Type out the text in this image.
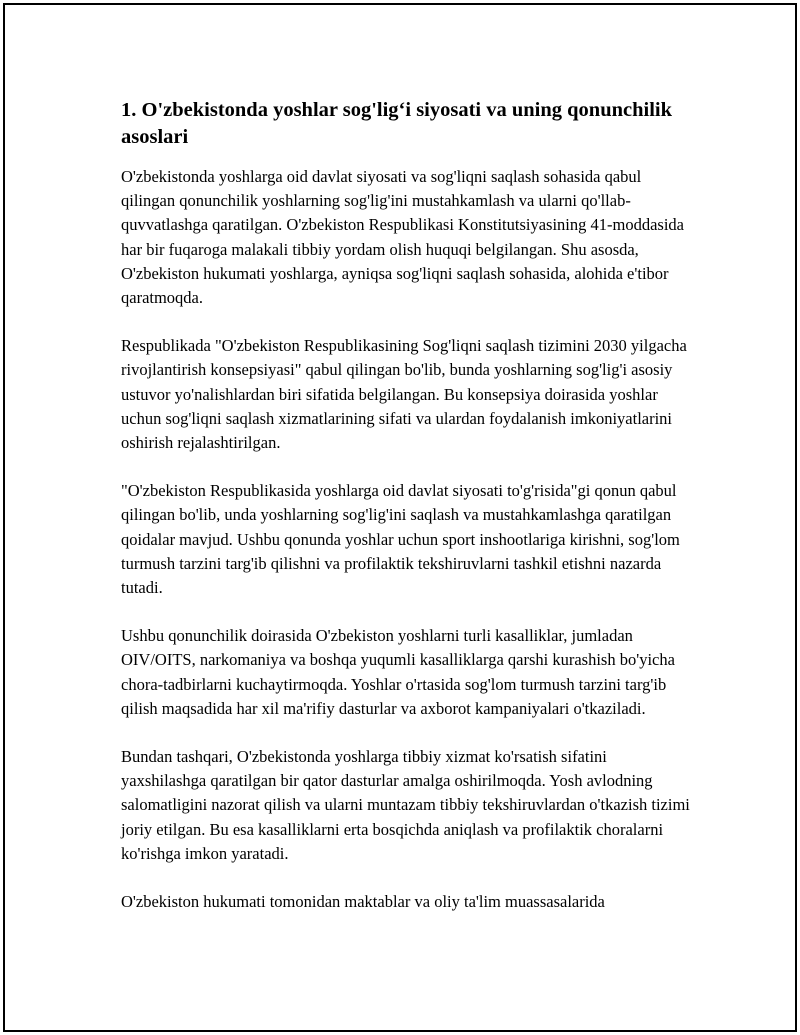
1. O'zbekistonda yoshlar sog'lig‘i siyosati va uning qonunchilik asoslari

O'zbekistonda yoshlarga oid davlat siyosati va sog'liqni saqlash sohasida qabul qilingan qonunchilik yoshlarning sog'lig'ini mustahkamlash va ularni qo'llab-quvvatlashga qaratilgan. O'zbekiston Respublikasi Konstitutsiyasining 41-moddasida har bir fuqaroga malakali tibbiy yordam olish huquqi belgilangan. Shu asosda, O'zbekiston hukumati yoshlarga, ayniqsa sog'liqni saqlash sohasida, alohida e'tibor qaratmoqda.

Respublikada "O'zbekiston Respublikasining Sog'liqni saqlash tizimini 2030 yilgacha rivojlantirish konsepsiyasi" qabul qilingan bo'lib, bunda yoshlarning sog'lig'i asosiy ustuvor yo'nalishlardan biri sifatida belgilangan. Bu konsepsiya doirasida yoshlar uchun sog'liqni saqlash xizmatlarining sifati va ulardan foydalanish imkoniyatlarini oshirish rejalashtirilgan.

"O'zbekiston Respublikasida yoshlarga oid davlat siyosati to'g'risida"gi qonun qabul qilingan bo'lib, unda yoshlarning sog'lig'ini saqlash va mustahkamlashga qaratilgan qoidalar mavjud. Ushbu qonunda yoshlar uchun sport inshootlariga kirishni, sog'lom turmush tarzini targ'ib qilishni va profilaktik tekshiruvlarni tashkil etishni nazarda tutadi.

Ushbu qonunchilik doirasida O'zbekiston yoshlarni turli kasalliklar, jumladan OIV/OITS, narkomaniya va boshqa yuqumli kasalliklarga qarshi kurashish bo'yicha chora-tadbirlarni kuchaytirmoqda. Yoshlar o'rtasida sog'lom turmush tarzini targ'ib qilish maqsadida har xil ma'rifiy dasturlar va axborot kampaniyalari o'tkaziladi.

Bundan tashqari, O'zbekistonda yoshlarga tibbiy xizmat ko'rsatish sifatini yaxshilashga qaratilgan bir qator dasturlar amalga oshirilmoqda. Yosh avlodning salomatligini nazorat qilish va ularni muntazam tibbiy tekshiruvlardan o'tkazish tizimi joriy etilgan. Bu esa kasalliklarni erta bosqichda aniqlash va profilaktik choralarni ko'rishga imkon yaratadi.

O'zbekiston hukumati tomonidan maktablar va oliy ta'lim muassasalarida
